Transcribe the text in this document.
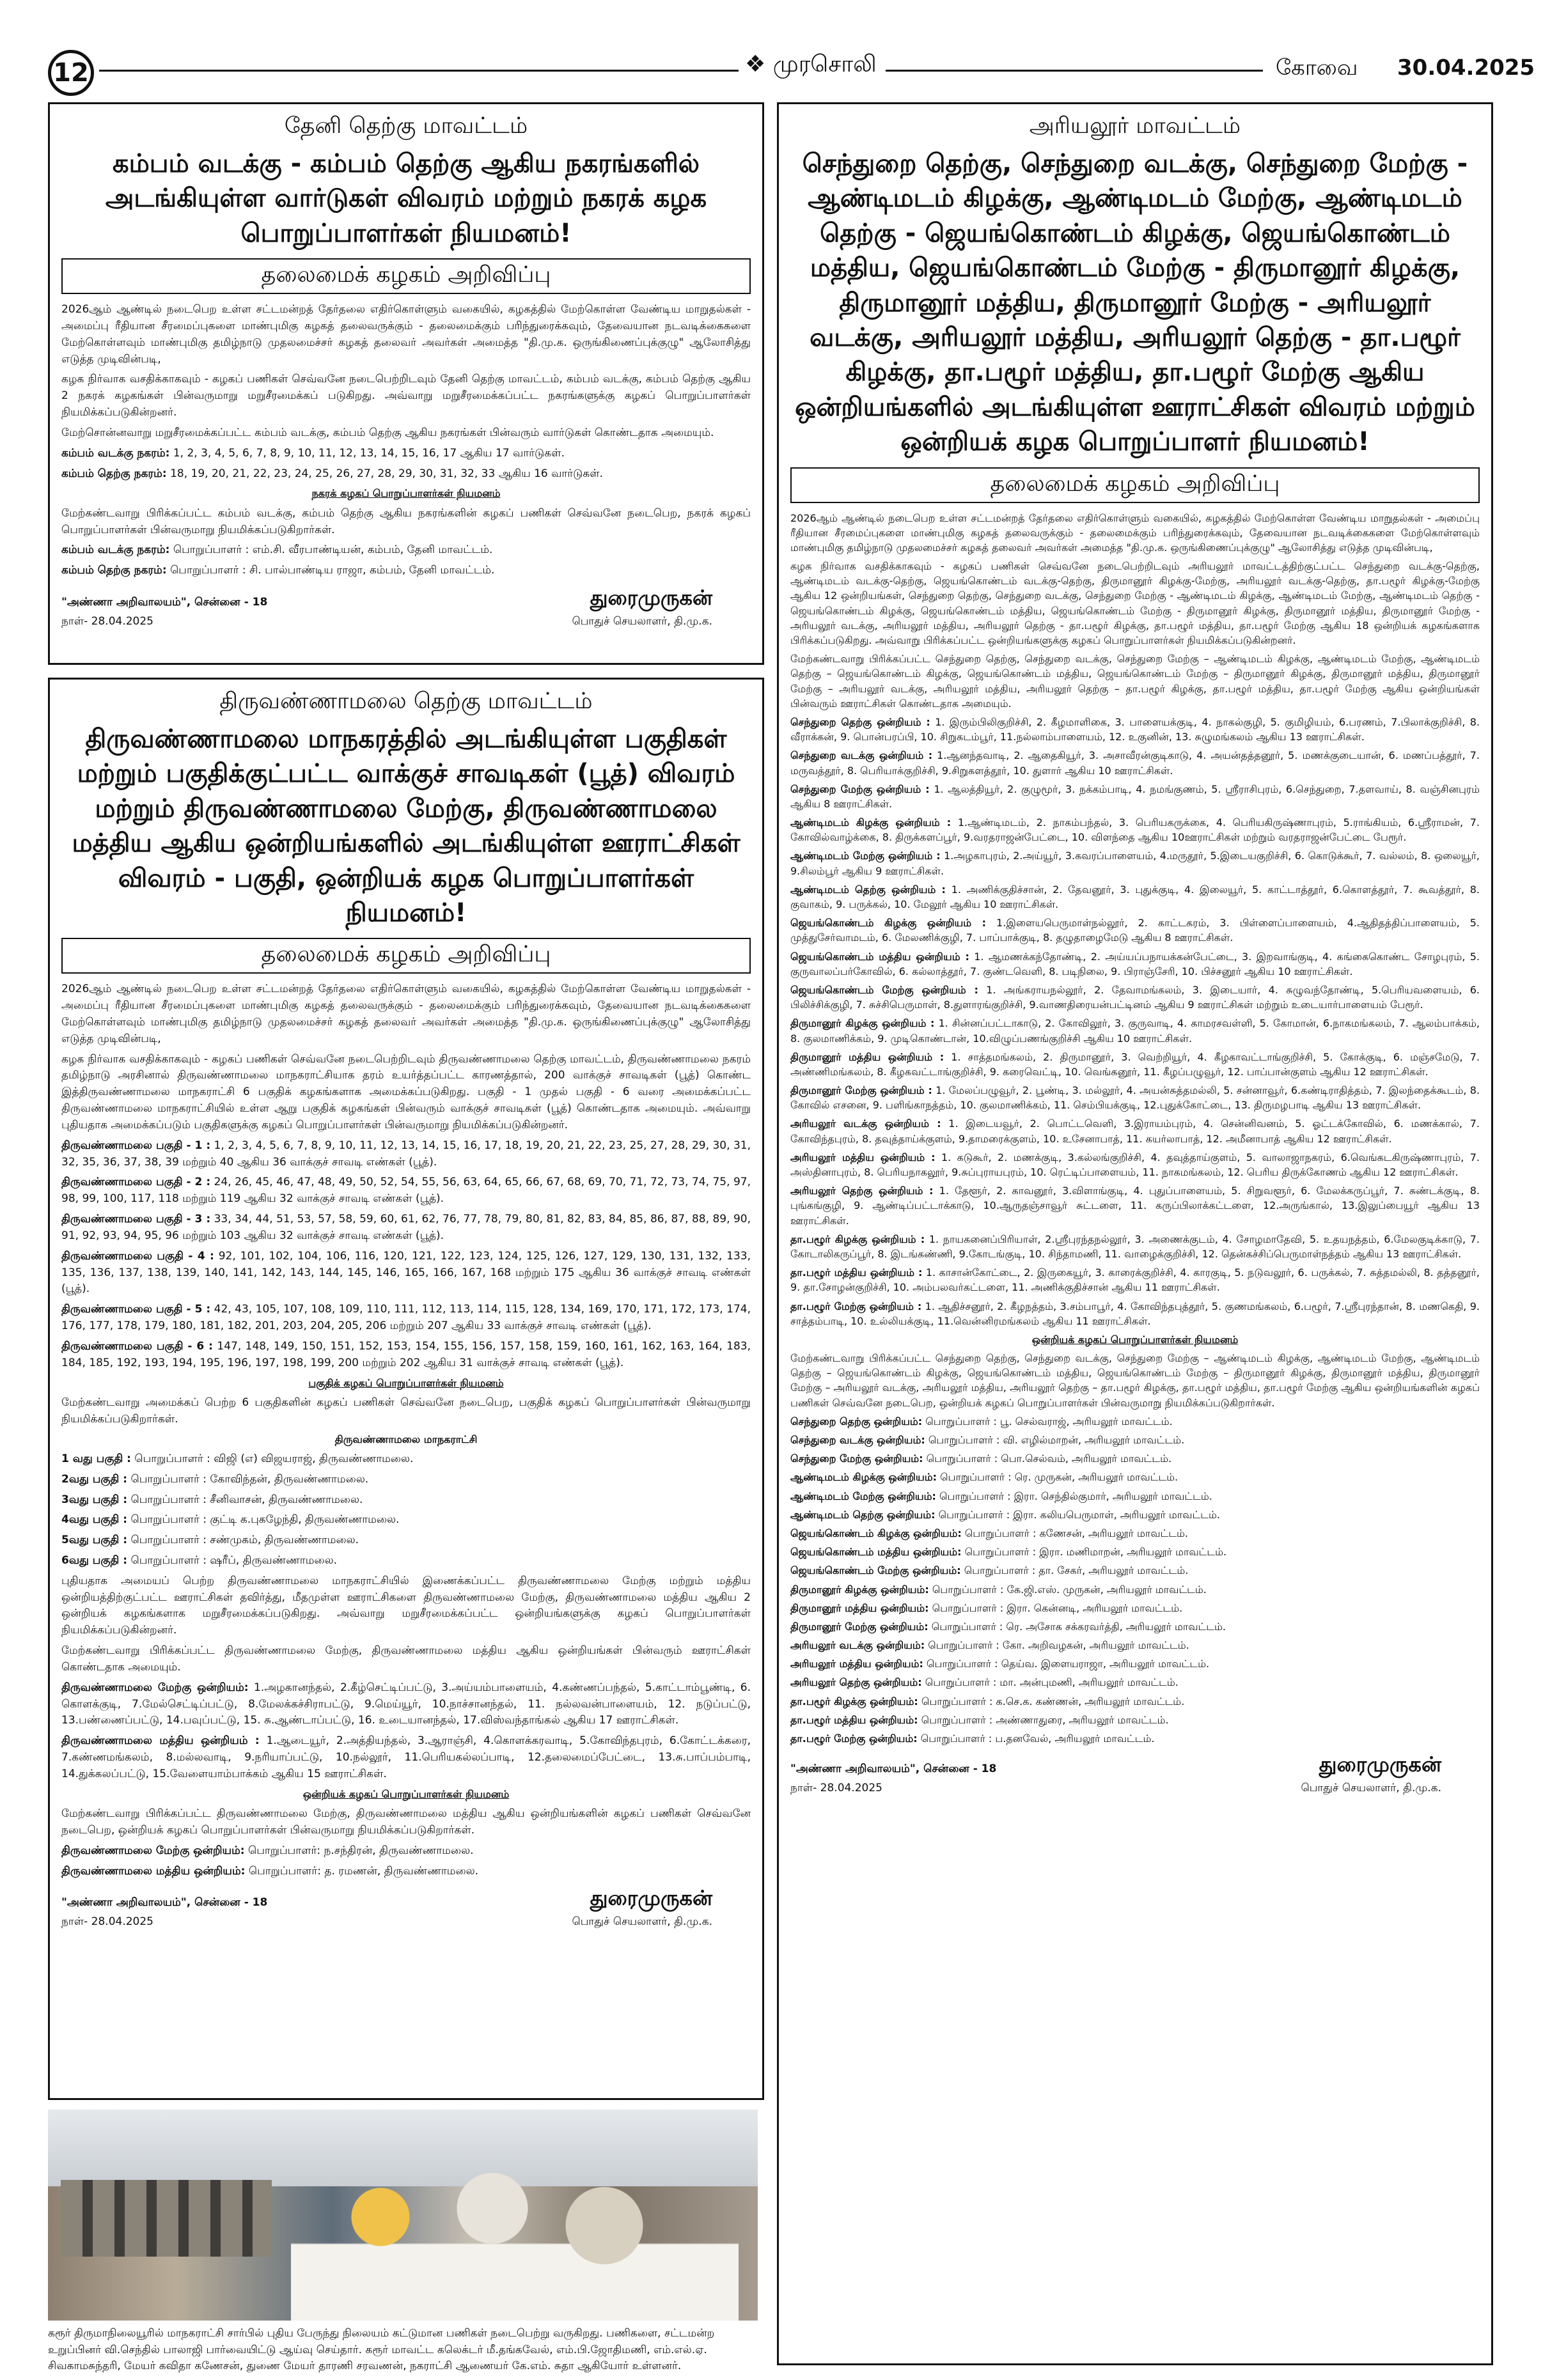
12	❖ முரசொலி	கோவை 30.04.2025
தேனி தெற்கு மாவட்டம்
கம்பம் வடக்கு - கம்பம் தெற்கு ஆகிய நகரங்களில் அடங்கியுள்ள வார்டுகள் விவரம் மற்றும் நகரக் கழக பொறுப்பாளர்கள் நியமனம்!
தலைமைக் கழகம் அறிவிப்பு

2026ஆம் ஆண்டில் நடைபெற உள்ள சட்டமன்றத் தேர்தலை எதிர்கொள்ளும் வகையில், கழகத்தில் மேற்கொள்ள வேண்டிய மாறுதல்கள் - அமைப்பு ரீதியான சீரமைப்புகளை மாண்புமிகு கழகத் தலைவருக்கும் - தலைமைக்கும் பரிந்துரைக்கவும், தேவையான நடவடிக்கைகளை மேற்கொள்ளவும் மாண்புமிகு தமிழ்நாடு முதலமைச்சர் கழகத் தலைவர் அவர்கள் அமைத்த "தி.மு.க. ஒருங்கிணைப்புக்குழு" ஆலோசித்து எடுத்த முடிவின்படி,

கழக நிர்வாக வசதிக்காகவும் - கழகப் பணிகள் செவ்வனே நடைபெற்றிடவும் தேனி தெற்கு மாவட்டம், கம்பம் வடக்கு, கம்பம் தெற்கு ஆகிய 2 நகரக் கழகங்கள் பின்வருமாறு மறுசீரமைக்கப் படுகிறது. அவ்வாறு மறுசீரமைக்கப்பட்ட நகரங்களுக்கு கழகப் பொறுப்பாளர்கள் நியமிக்கப்படுகின்றனர்.

மேற்சொன்னவாறு மறுசீரமைக்கப்பட்ட கம்பம் வடக்கு, கம்பம் தெற்கு ஆகிய நகரங்கள் பின்வரும் வார்டுகள் கொண்டதாக அமையும்.

கம்பம் வடக்கு நகரம்: 1, 2, 3, 4, 5, 6, 7, 8, 9, 10, 11, 12, 13, 14, 15, 16, 17 ஆகிய 17 வார்டுகள்.

கம்பம் தெற்கு நகரம்: 18, 19, 20, 21, 22, 23, 24, 25, 26, 27, 28, 29, 30, 31, 32, 33 ஆகிய 16 வார்டுகள்.

நகரக் கழகப் பொறுப்பாளர்கள் நியமனம்

மேற்கண்டவாறு பிரிக்கப்பட்ட கம்பம் வடக்கு, கம்பம் தெற்கு ஆகிய நகரங்களின் கழகப் பணிகள் செவ்வனே நடைபெற, நகரக் கழகப் பொறுப்பாளர்கள் பின்வருமாறு நியமிக்கப்படுகிறார்கள்.

கம்பம் வடக்கு நகரம்: பொறுப்பாளர் : எம்.சி. வீரபாண்டியன், கம்பம், தேனி மாவட்டம்.

கம்பம் தெற்கு நகரம்: பொறுப்பாளர் : சி. பால்பாண்டிய ராஜா, கம்பம், தேனி மாவட்டம்.

"அண்ணா அறிவாலயம்", சென்னை - 18
நாள்- 28.04.2025
துரைமுருகன்
பொதுச் செயலாளர், தி.மு.க.
திருவண்ணாமலை தெற்கு மாவட்டம்
திருவண்ணாமலை மாநகரத்தில் அடங்கியுள்ள பகுதிகள் மற்றும் பகுதிக்குட்பட்ட வாக்குச் சாவடிகள் (பூத்) விவரம் மற்றும் திருவண்ணாமலை மேற்கு, திருவண்ணாமலை மத்திய ஆகிய ஒன்றியங்களில் அடங்கியுள்ள ஊராட்சிகள் விவரம் - பகுதி, ஒன்றியக் கழக பொறுப்பாளர்கள் நியமனம்!
தலைமைக் கழகம் அறிவிப்பு

2026ஆம் ஆண்டில் நடைபெற உள்ள சட்டமன்றத் தேர்தலை எதிர்கொள்ளும் வகையில், கழகத்தில் மேற்கொள்ள வேண்டிய மாறுதல்கள் - அமைப்பு ரீதியான சீரமைப்புகளை மாண்புமிகு கழகத் தலைவருக்கும் - தலைமைக்கும் பரிந்துரைக்கவும், தேவையான நடவடிக்கைகளை மேற்கொள்ளவும் மாண்புமிகு தமிழ்நாடு முதலமைச்சர் கழகத் தலைவர் அவர்கள் அமைத்த "தி.மு.க. ஒருங்கிணைப்புக்குழு" ஆலோசித்து எடுத்த முடிவின்படி,

கழக நிர்வாக வசதிக்காகவும் - கழகப் பணிகள் செவ்வனே நடைபெற்றிடவும் திருவண்ணாமலை தெற்கு மாவட்டம், திருவண்ணாமலை நகரம் தமிழ்நாடு அரசினால் திருவண்ணாமலை மாநகராட்சியாக தரம் உயர்த்தப்பட்ட காரணத்தால், 200 வாக்குச் சாவடிகள் (பூத்) கொண்ட இத்திருவண்ணாமலை மாநகராட்சி 6 பகுதிக் கழகங்களாக அமைக்கப்படுகிறது. பகுதி - 1 முதல் பகுதி - 6 வரை அமைக்கப்பட்ட திருவண்ணாமலை மாநகராட்சியில் உள்ள ஆறு பகுதிக் கழகங்கள் பின்வரும் வாக்குச் சாவடிகள் (பூத்) கொண்டதாக அமையும். அவ்வாறு புதியதாக அமைக்கப்படும் பகுதிகளுக்கு கழகப் பொறுப்பாளர்கள் பின்வருமாறு நியமிக்கப்படுகின்றனர்.

திருவண்ணாமலை பகுதி - 1 : 1, 2, 3, 4, 5, 6, 7, 8, 9, 10, 11, 12, 13, 14, 15, 16, 17, 18, 19, 20, 21, 22, 23, 25, 27, 28, 29, 30, 31, 32, 35, 36, 37, 38, 39 மற்றும் 40 ஆகிய 36 வாக்குச் சாவடி எண்கள் (பூத்).

திருவண்ணாமலை பகுதி - 2 : 24, 26, 45, 46, 47, 48, 49, 50, 52, 54, 55, 56, 63, 64, 65, 66, 67, 68, 69, 70, 71, 72, 73, 74, 75, 97, 98, 99, 100, 117, 118 மற்றும் 119 ஆகிய 32 வாக்குச் சாவடி எண்கள் (பூத்).

திருவண்ணாமலை பகுதி - 3 : 33, 34, 44, 51, 53, 57, 58, 59, 60, 61, 62, 76, 77, 78, 79, 80, 81, 82, 83, 84, 85, 86, 87, 88, 89, 90, 91, 92, 93, 94, 95, 96 மற்றும் 103 ஆகிய 32 வாக்குச் சாவடி எண்கள் (பூத்).

திருவண்ணாமலை பகுதி - 4 : 92, 101, 102, 104, 106, 116, 120, 121, 122, 123, 124, 125, 126, 127, 129, 130, 131, 132, 133, 135, 136, 137, 138, 139, 140, 141, 142, 143, 144, 145, 146, 165, 166, 167, 168 மற்றும் 175 ஆகிய 36 வாக்குச் சாவடி எண்கள் (பூத்).

திருவண்ணாமலை பகுதி - 5 : 42, 43, 105, 107, 108, 109, 110, 111, 112, 113, 114, 115, 128, 134, 169, 170, 171, 172, 173, 174, 176, 177, 178, 179, 180, 181, 182, 201, 203, 204, 205, 206 மற்றும் 207 ஆகிய 33 வாக்குச் சாவடி எண்கள் (பூத்).

திருவண்ணாமலை பகுதி - 6 : 147, 148, 149, 150, 151, 152, 153, 154, 155, 156, 157, 158, 159, 160, 161, 162, 163, 164, 183, 184, 185, 192, 193, 194, 195, 196, 197, 198, 199, 200 மற்றும் 202 ஆகிய 31 வாக்குச் சாவடி எண்கள் (பூத்).

பகுதிக் கழகப் பொறுப்பாளர்கள் நியமனம்

மேற்கண்டவாறு அமைக்கப் பெற்ற 6 பகுதிகளின் கழகப் பணிகள் செவ்வனே நடைபெற, பகுதிக் கழகப் பொறுப்பாளர்கள் பின்வருமாறு நியமிக்கப்படுகிறார்கள்.

திருவண்ணாமலை மாநகராட்சி

1 வது பகுதி : பொறுப்பாளர் : விஜி (எ) விஜயராஜ், திருவண்ணாமலை.

2வது பகுதி : பொறுப்பாளர் : கோவிந்தன், திருவண்ணாமலை.

3வது பகுதி : பொறுப்பாளர் : சீனிவாசன், திருவண்ணாமலை.

4வது பகுதி : பொறுப்பாளர் : குட்டி க.புகழேந்தி, திருவண்ணாமலை.

5வது பகுதி : பொறுப்பாளர் : சண்முகம், திருவண்ணாமலை.

6வது பகுதி : பொறுப்பாளர் : ஷரீப், திருவண்ணாமலை.

புதியதாக அமையப் பெற்ற திருவண்ணாமலை மாநகராட்சியில் இணைக்கப்பட்ட திருவண்ணாமலை மேற்கு மற்றும் மத்திய ஒன்றியத்திற்குட்பட்ட ஊராட்சிகள் தவிர்த்து, மீதமுள்ள ஊராட்சிகளை திருவண்ணாமலை மேற்கு, திருவண்ணாமலை மத்திய ஆகிய 2 ஒன்றியக் கழகங்களாக மறுசீரமைக்கப்படுகிறது. அவ்வாறு மறுசீரமைக்கப்பட்ட ஒன்றியங்களுக்கு கழகப் பொறுப்பாளர்கள் நியமிக்கப்படுகின்றனர்.

மேற்கண்டவாறு பிரிக்கப்பட்ட திருவண்ணாமலை மேற்கு, திருவண்ணாமலை மத்திய ஆகிய ஒன்றியங்கள் பின்வரும் ஊராட்சிகள் கொண்டதாக அமையும்.

திருவண்ணாமலை மேற்கு ஒன்றியம்: 1.அழகானந்தல், 2.கீழ்செட்டிப்பட்டு, 3.அய்யம்பாளையம், 4.கண்ணப்பந்தல், 5.காட்டாம்பூண்டி, 6. கொளக்குடி, 7.மேல்செட்டிப்பட்டு, 8.மேலக்கச்சிராபட்டு, 9.மெய்யூர், 10.நாச்சானந்தல், 11. நல்லவன்பாளையம், 12. நடுப்பட்டு, 13.பண்ணைப்பட்டு, 14.பவுப்பட்டு, 15. சு.ஆண்டாப்பட்டு, 16. உடையானந்தல், 17.விஸ்வந்தாங்கல் ஆகிய 17 ஊராட்சிகள்.

திருவண்ணாமலை மத்திய ஒன்றியம் : 1.ஆடையூர், 2.அத்தியந்தல், 3.ஆராஞ்சி, 4.கொளக்கரவாடி, 5.கோவிந்தபுரம், 6.கோட்டக்கரை, 7.கண்ணமங்கலம், 8.மல்லவாடி, 9.நரியாப்பட்டு, 10.நல்லூர், 11.பெரியகல்லப்பாடி, 12.தலைமைப்பேட்டை, 13.சு.பாப்பம்பாடி, 14.துக்கலப்பட்டு, 15.வேளையாம்பாக்கம் ஆகிய 15 ஊராட்சிகள்.

ஒன்றியக் கழகப் பொறுப்பாளர்கள் நியமனம்

மேற்கண்டவாறு பிரிக்கப்பட்ட திருவண்ணாமலை மேற்கு, திருவண்ணாமலை மத்திய ஆகிய ஒன்றியங்களின் கழகப் பணிகள் செவ்வனே நடைபெற, ஒன்றியக் கழகப் பொறுப்பாளர்கள் பின்வருமாறு நியமிக்கப்படுகிறார்கள்.

திருவண்ணாமலை மேற்கு ஒன்றியம்: பொறுப்பாளர்: ந.சந்திரன், திருவண்ணாமலை.

திருவண்ணாமலை மத்திய ஒன்றியம்: பொறுப்பாளர்: த. ரமணன், திருவண்ணாமலை.

"அண்ணா அறிவாலயம்", சென்னை - 18
நாள்- 28.04.2025
துரைமுருகன்
பொதுச் செயலாளர், தி.மு.க.
கரூர் திருமாநிலையூரில் மாநகராட்சி சார்பில் புதிய பேருந்து நிலையம் கட்டுமான பணிகள் நடைபெற்று வருகிறது. பணிகளை, சட்டமன்ற உறுப்பினர் வி.செந்தில் பாலாஜி பார்வையிட்டு ஆய்வு செய்தார். கரூர் மாவட்ட கலெக்டர் மீ.தங்கவேல், எம்.பி.ஜோதிமணி, எம்.எல்.ஏ. சிவகாமசுந்தரி, மேயர் கவிதா கணேசன், துணை மேயர் தாரணி சரவணன், நகராட்சி ஆணையர் கே.எம். சுதா ஆகியோர் உள்ளனர்.
அரியலூர் மாவட்டம்
செந்துறை தெற்கு, செந்துறை வடக்கு, செந்துறை மேற்கு - ஆண்டிமடம் கிழக்கு, ஆண்டிமடம் மேற்கு, ஆண்டிமடம் தெற்கு - ஜெயங்கொண்டம் கிழக்கு, ஜெயங்கொண்டம் மத்திய, ஜெயங்கொண்டம் மேற்கு - திருமானூர் கிழக்கு, திருமானூர் மத்திய, திருமானூர் மேற்கு - அரியலூர் வடக்கு, அரியலூர் மத்திய, அரியலூர் தெற்கு - தா.பழூர் கிழக்கு, தா.பழூர் மத்திய, தா.பழூர் மேற்கு ஆகிய ஒன்றியங்களில் அடங்கியுள்ள ஊராட்சிகள் விவரம் மற்றும் ஒன்றியக் கழக பொறுப்பாளர் நியமனம்!
தலைமைக் கழகம் அறிவிப்பு

2026ஆம் ஆண்டில் நடைபெற உள்ள சட்டமன்றத் தேர்தலை எதிர்கொள்ளும் வகையில், கழகத்தில் மேற்கொள்ள வேண்டிய மாறுதல்கள் - அமைப்பு ரீதியான சீரமைப்புகளை மாண்புமிகு கழகத் தலைவருக்கும் - தலைமைக்கும் பரிந்துரைக்கவும், தேவையான நடவடிக்கைகளை மேற்கொள்ளவும் மாண்புமிகு தமிழ்நாடு முதலமைச்சர் கழகத் தலைவர் அவர்கள் அமைத்த "தி.மு.க. ஒருங்கிணைப்புக்குழு" ஆலோசித்து எடுத்த முடிவின்படி,

கழக நிர்வாக வசதிக்காகவும் - கழகப் பணிகள் செவ்வனே நடைபெற்றிடவும் அரியலூர் மாவட்டத்திற்குட்பட்ட செந்துறை வடக்கு-தெற்கு, ஆண்டிமடம் வடக்கு-தெற்கு, ஜெயங்கொண்டம் வடக்கு-தெற்கு, திருமானூர் கிழக்கு-மேற்கு, அரியலூர் வடக்கு-தெற்கு, தா.பழூர் கிழக்கு-மேற்கு ஆகிய 12 ஒன்றியங்கள், செந்துறை தெற்கு, செந்துறை வடக்கு, செந்துறை மேற்கு - ஆண்டிமடம் கிழக்கு, ஆண்டிமடம் மேற்கு, ஆண்டிமடம் தெற்கு - ஜெயங்கொண்டம் கிழக்கு, ஜெயங்கொண்டம் மத்திய, ஜெயங்கொண்டம் மேற்கு - திருமானூர் கிழக்கு, திருமானூர் மத்திய, திருமானூர் மேற்கு - அரியலூர் வடக்கு, அரியலூர் மத்திய, அரியலூர் தெற்கு - தா.பழூர் கிழக்கு, தா.பழூர் மத்திய, தா.பழூர் மேற்கு ஆகிய 18 ஒன்றியக் கழகங்களாக பிரிக்கப்படுகிறது. அவ்வாறு பிரிக்கப்பட்ட ஒன்றியங்களுக்கு கழகப் பொறுப்பாளர்கள் நியமிக்கப்படுகின்றனர்.

மேற்கண்டவாறு பிரிக்கப்பட்ட செந்துறை தெற்கு, செந்துறை வடக்கு, செந்துறை மேற்கு – ஆண்டிமடம் கிழக்கு, ஆண்டிமடம் மேற்கு, ஆண்டிமடம் தெற்கு – ஜெயங்கொண்டம் கிழக்கு, ஜெயங்கொண்டம் மத்திய, ஜெயங்கொண்டம் மேற்கு – திருமானூர் கிழக்கு, திருமானூர் மத்திய, திருமானூர் மேற்கு – அரியலூர் வடக்கு, அரியலூர் மத்திய, அரியலூர் தெற்கு – தா.பழூர் கிழக்கு, தா.பழூர் மத்திய, தா.பழூர் மேற்கு ஆகிய ஒன்றியங்கள் பின்வரும் ஊராட்சிகள் கொண்டதாக அமையும்.

செந்துறை தெற்கு ஒன்றியம் : 1. இரும்பிலிகுறிச்சி, 2. கீழமாளிகை, 3. பாளையக்குடி, 4. நாகல்குழி, 5. குமிழியம், 6.பரணம், 7.பிலாக்குறிச்சி, 8. வீராக்கன், 9. பொன்பரப்பி, 10. சிறுகடம்பூர், 11.நல்லாம்பாளையம், 12. உகுனின், 13. சுழுமங்கலம் ஆகிய 13 ஊராட்சிகள்.

செந்துறை வடக்கு ஒன்றியம் : 1.ஆனந்தவாடி, 2. ஆதைகியூர், 3. அசாவீரன்குடிகாடு, 4. அயன்தத்தனூர், 5. மணக்குடையான், 6. மணப்பத்தூர், 7. மருவத்தூர், 8. பெரியாக்குறிச்சி, 9.சிறுகளத்தூர், 10. துளார் ஆகிய 10 ஊராட்சிகள்.

செந்துறை மேற்கு ஒன்றியம் : 1. ஆலத்தியூர், 2. குழுமூர், 3. நக்கம்பாடி, 4. நமங்குணம், 5. ஸ்ரீராசிபுரம், 6.செந்துறை, 7.தளவாய், 8. வஞ்சினபுரம் ஆகிய 8 ஊராட்சிகள்.

ஆண்டிமடம் கிழக்கு ஒன்றியம் : 1.ஆண்டிமடம், 2. நாகம்பந்தல், 3. பெரியகருக்கை, 4. பெரியகிருஷ்ணாபுரம், 5.ராங்கியம், 6.ஸ்ரீராமன், 7. கோவில்வாழ்க்கை, 8. திருக்களப்பூர், 9.வரதராஜன்பேட்டை, 10. விளந்தை ஆகிய 10ஊராட்சிகள் மற்றும் வரதராஜன்பேட்டை பேரூர்.

ஆண்டிமடம் மேற்கு ஒன்றியம் : 1.அழகாபுரம், 2.அய்யூர், 3.கவரப்பாளையம், 4.மருதூர், 5.இடையகுறிச்சி, 6. கொடுக்கூர், 7. வல்லம், 8. ஒலையூர், 9.சிலம்பூர் ஆகிய 9 ஊராட்சிகள்.

ஆண்டிமடம் தெற்கு ஒன்றியம் : 1. அணிக்குதிச்சான், 2. தேவனூர், 3. புதுக்குடி, 4. இலையூர், 5. காட்டாத்தூர், 6.கொளத்தூர், 7. கூவத்தூர், 8. குவாகம், 9. பருக்கல், 10. மேலூர் ஆகிய 10 ஊராட்சிகள்.

ஜெயங்கொண்டம் கிழக்கு ஒன்றியம் : 1.இளையபெருமாள்நல்லூர், 2. காட்டகரம், 3. பிள்ளைப்பாளையம், 4.ஆதிதத்திப்பாளையம், 5. முத்துசேர்வாமடம், 6. மேலணிக்குழி, 7. பாப்பாக்குடி, 8. தழுதாழைமேடு ஆகிய 8 ஊராட்சிகள்.

ஜெயங்கொண்டம் மத்திய ஒன்றியம் : 1. ஆமணக்கந்தோண்டி, 2. அய்யப்பநாயக்கன்பேட்டை, 3. இறவாங்குடி, 4. கங்கைகொண்ட சோழபுரம், 5. குருவாலப்பர்கோவில், 6. கல்லாத்தூர், 7. குண்டவெளி, 8. படிநிலை, 9. பிராஞ்சேரி, 10. பிச்சனூர் ஆகிய 10 ஊராட்சிகள்.

ஜெயங்கொண்டம் மேற்கு ஒன்றியம் : 1. அங்கராயநல்லூர், 2. தேவாமங்கலம், 3. இடையார், 4. சுழுவந்தோண்டி, 5.பெரியவளையம், 6. பிலிச்சிக்குழி, 7. சுச்சிபெருமாள், 8.துளாரங்குறிச்சி, 9.வாணதிரையன்பட்டினம் ஆகிய 9 ஊராட்சிகள் மற்றும் உடையார்பாளையம் பேரூர்.

திருமானூர் கிழக்கு ஒன்றியம் : 1. சின்னப்பட்டாகாடு, 2. கோவிலூர், 3. குருவாடி, 4. காமரசவள்ளி, 5. கோமான், 6.நாகமங்கலம், 7. ஆலம்பாக்கம், 8. குலமாணிக்கம், 9. முடிகொண்டான், 10.விழுப்பணங்குறிச்சி ஆகிய 10 ஊராட்சிகள்.

திருமானூர் மத்திய ஒன்றியம் : 1. சாத்தமங்கலம், 2. திருமானூர், 3. வெற்றியூர், 4. கீழகாவட்டாங்குறிச்சி, 5. கோக்குடி, 6. மஞ்சமேடு, 7. அண்ணிமங்கலம், 8. கீழகவட்டாங்குறிச்சி, 9. கரைவெட்டி, 10. வெங்கனூர், 11. கீழப்பழுவூர், 12. பாப்பான்குளம் ஆகிய 12 ஊராட்சிகள்.

திருமானூர் மேற்கு ஒன்றியம் : 1. மேலப்பழுவூர், 2. பூண்டி, 3. மல்லூர், 4. அயன்சுத்தமல்லி, 5. சன்னாவூர், 6.கண்டிராதித்தம், 7. இலந்தைக்கூடம், 8. கோவில் எசனை, 9. பளிங்காநத்தம், 10. குலமாணிக்கம், 11. செம்பியக்குடி, 12.புதுக்கோட்டை, 13. திருமழபாடி ஆகிய 13 ஊராட்சிகள்.

அரியலூர் வடக்கு ஒன்றியம் : 1. இடையவூர், 2. பொட்டவெளி, 3.இராயம்புரம், 4. சென்னிவனம், 5. ஓட்டக்கோவில், 6. மணக்கால், 7. கோவிந்தபுரம், 8. தவுத்தாய்க்குளம், 9.தாமரைக்குளம், 10. உசேனாபாத், 11. கயர்லாபாத், 12. அமீனாபாத் ஆகிய 12 ஊராட்சிகள்.

அரியலூர் மத்திய ஒன்றியம் : 1. கடுகூர், 2. மணக்குடி, 3.கல்லங்குறிச்சி, 4. தவுத்தாய்குளம், 5. வாலாஜாநகரம், 6.வெங்கடகிருஷ்ணாபுரம், 7. அஸ்தினாபுரம், 8. பெரியநாகலூர், 9.சுப்புராயபுரம், 10. ரெட்டிப்பாளையம், 11. நாகமங்கலம், 12. பெரிய திருக்கோணம் ஆகிய 12 ஊராட்சிகள்.

அரியலூர் தெற்கு ஒன்றியம் : 1. தேளூர், 2. காவனூர், 3.விளாங்குடி, 4. புதுப்பாளையம், 5. சிறுவளூர், 6. மேலக்கருப்பூர், 7. சுண்டக்குடி, 8. புங்கங்குழி, 9. ஆண்டிப்பட்டாக்காடு, 10.ஆருதஞ்சாவூர் சுட்டளை, 11. கருப்பிலாக்கட்டளை, 12.அருங்கால், 13.இலுப்பையூர் ஆகிய 13 ஊராட்சிகள்.

தா.பழூர் கிழக்கு ஒன்றியம் : 1. நாயகனைப்பிரியாள், 2.ஸ்ரீபுரந்தநல்லூர், 3. அணைக்குடம், 4. சோழமாதேவி, 5. உதயநத்தம், 6.மேலகுடிக்காடு, 7. கோடாலிகருப்பூர், 8. இடங்கண்ணி, 9.கோடங்குடி, 10. சிந்தாமணி, 11. வாழைக்குறிச்சி, 12. தென்கச்சிப்பெருமாள்நத்தம் ஆகிய 13 ஊராட்சிகள்.

தா.பழூர் மத்திய ஒன்றியம் : 1. காசான்கோட்டை, 2. இருகையூர், 3. காரைக்குறிச்சி, 4. காரகுடி, 5. நடுவலூர், 6. பருக்கல், 7. சுத்தமல்லி, 8. தத்தனூர், 9. தா.சோழன்குறிச்சி, 10. அம்பலவர்கட்டளை, 11. அணிக்குதிச்சான் ஆகிய 11 ஊராட்சிகள்.

தா.பழூர் மேற்கு ஒன்றியம் : 1. ஆதிச்சனூர், 2. கீழநத்தம், 3.சம்பாபூர், 4. கோவிந்தபுத்தூர், 5. குணமங்கலம், 6.பழூர், 7.ஸ்ரீபுரந்தான், 8. மணகெதி, 9. சாத்தம்பாடி, 10. உல்லியக்குடி, 11.வென்னிரமங்கலம் ஆகிய 11 ஊராட்சிகள்.

ஒன்றியக் கழகப் பொறுப்பாளர்கள் நியமனம்

மேற்கண்டவாறு பிரிக்கப்பட்ட செந்துறை தெற்கு, செந்துறை வடக்கு, செந்துறை மேற்கு – ஆண்டிமடம் கிழக்கு, ஆண்டிமடம் மேற்கு, ஆண்டிமடம் தெற்கு – ஜெயங்கொண்டம் கிழக்கு, ஜெயங்கொண்டம் மத்திய, ஜெயங்கொண்டம் மேற்கு – திருமானூர் கிழக்கு, திருமானூர் மத்திய, திருமானூர் மேற்கு – அரியலூர் வடக்கு, அரியலூர் மத்திய, அரியலூர் தெற்கு – தா.பழூர் கிழக்கு, தா.பழூர் மத்திய, தா.பழூர் மேற்கு ஆகிய ஒன்றியங்களின் கழகப் பணிகள் செவ்வனே நடைபெற, ஒன்றியக் கழகப் பொறுப்பாளர்கள் பின்வருமாறு நியமிக்கப்படுகிறார்கள்.

செந்துறை தெற்கு ஒன்றியம்: பொறுப்பாளர் : பூ. செல்வராஜ், அரியலூர் மாவட்டம்.

செந்துறை வடக்கு ஒன்றியம்: பொறுப்பாளர் : வி. எழில்மாறன், அரியலூர் மாவட்டம்.

செந்துறை மேற்கு ஒன்றியம்: பொறுப்பாளர் : பொ.செல்வம், அரியலூர் மாவட்டம்.

ஆண்டிமடம் கிழக்கு ஒன்றியம்: பொறுப்பாளர் : ரெ. முருகன், அரியலூர் மாவட்டம்.

ஆண்டிமடம் மேற்கு ஒன்றியம்: பொறுப்பாளர் : இரா. செந்தில்குமார், அரியலூர் மாவட்டம்.

ஆண்டிமடம் தெற்கு ஒன்றியம்: பொறுப்பாளர் : இரா. கலியபெருமாள், அரியலூர் மாவட்டம்.

ஜெயங்கொண்டம் கிழக்கு ஒன்றியம்: பொறுப்பாளர் : கணேசன், அரியலூர் மாவட்டம்.

ஜெயங்கொண்டம் மத்திய ஒன்றியம்: பொறுப்பாளர் : இரா. மணிமாறன், அரியலூர் மாவட்டம்.

ஜெயங்கொண்டம் மேற்கு ஒன்றியம்: பொறுப்பாளர் : தா. சேகர், அரியலூர் மாவட்டம்.

திருமானூர் கிழக்கு ஒன்றியம்: பொறுப்பாளர் : கே.ஜி.எஸ். முருகன், அரியலூர் மாவட்டம்.

திருமானூர் மத்திய ஒன்றியம்: பொறுப்பாளர் : இரா. கென்னடி, அரியலூர் மாவட்டம்.

திருமானூர் மேற்கு ஒன்றியம்: பொறுப்பாளர் : ரெ. அசோக சக்கரவர்த்தி, அரியலூர் மாவட்டம்.

அரியலூர் வடக்கு ஒன்றியம்: பொறுப்பாளர் : கோ. அறிவழகன், அரியலூர் மாவட்டம்.

அரியலூர் மத்திய ஒன்றியம்: பொறுப்பாளர் : தெய்வ. இளையராஜா, அரியலூர் மாவட்டம்.

அரியலூர் தெற்கு ஒன்றியம்: பொறுப்பாளர் : மா. அன்புமணி, அரியலூர் மாவட்டம்.

தா.பழூர் கிழக்கு ஒன்றியம்: பொறுப்பாளர் : க.செ.க. கண்ணன், அரியலூர் மாவட்டம்.

தா.பழூர் மத்திய ஒன்றியம்: பொறுப்பாளர் : அண்ணாதுரை, அரியலூர் மாவட்டம்.

தா.பழூர் மேற்கு ஒன்றியம்: பொறுப்பாளர் : ப.தனவேல், அரியலூர் மாவட்டம்.

"அண்ணா அறிவாலயம்", சென்னை - 18
நாள்- 28.04.2025
துரைமுருகன்
பொதுச் செயலாளர், தி.மு.க.
